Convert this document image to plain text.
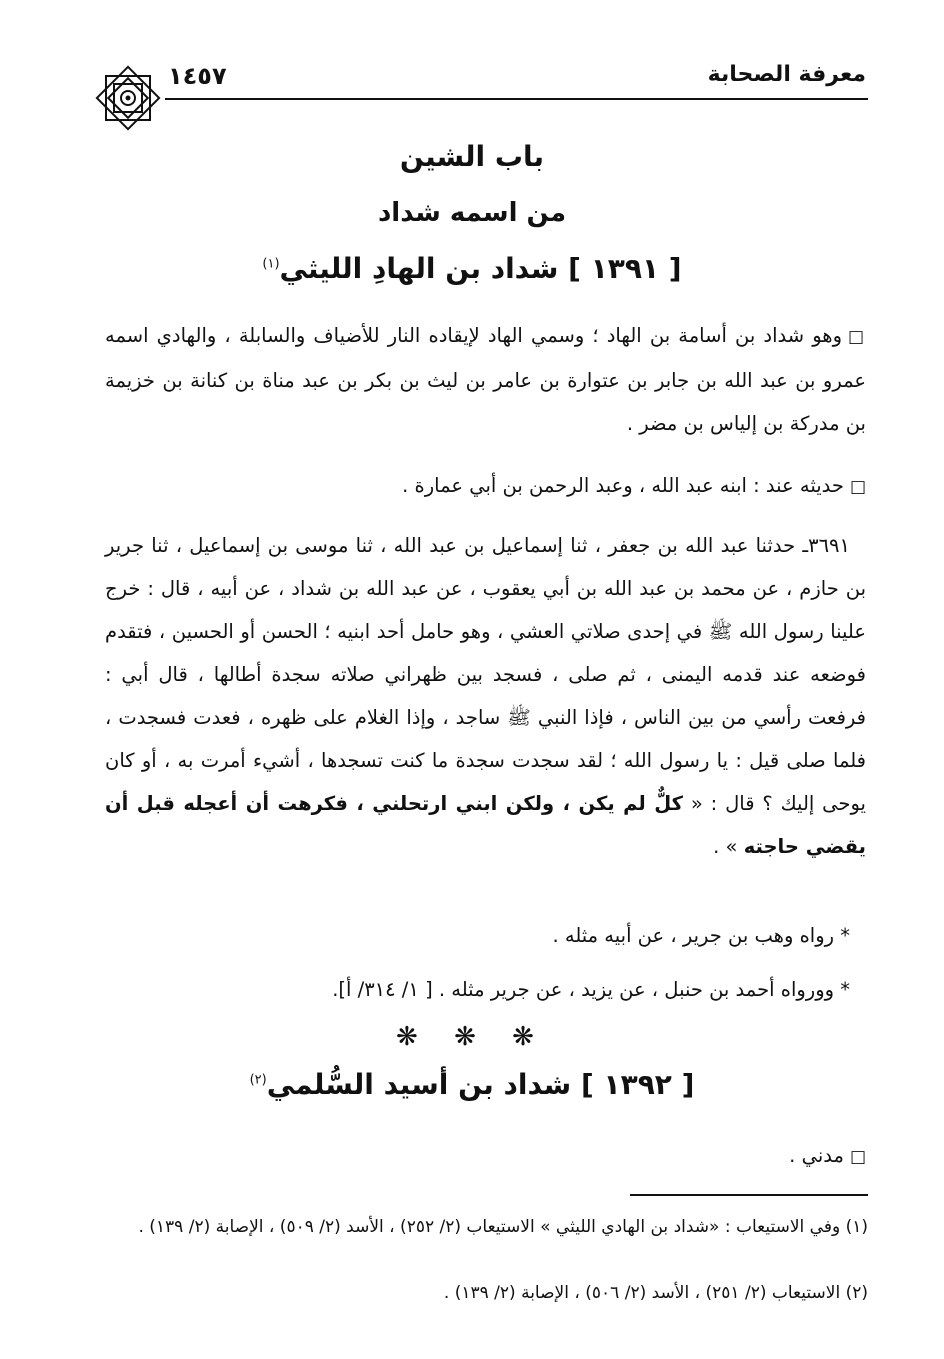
معرفة الصحابة
١٤٥٧
باب الشين
من اسمه شداد
[ ١٣٩١ ] شداد بن الهادِ الليثي$^{(١)}$
□وهو شداد بن أسامة بن الهاد ؛ وسمي الهاد لإيقاده النار للأضياف والسابلة ، والهادي اسمه عمرو بن عبد الله بن جابر بن عتوارة بن عامر بن ليث بن بكر بن عبد مناة بن كنانة بن خزيمة بن مدركة بن إلياس بن مضر .
□حديثه عند : ابنه عبد الله ، وعبد الرحمن بن أبي عمارة .
٣٦٩١ـ حدثنا عبد الله بن جعفر ، ثنا إسماعيل بن عبد الله ، ثنا موسى بن إسماعيل ، ثنا جرير بن حازم ، عن محمد بن عبد الله بن أبي يعقوب ، عن عبد الله بن شداد ، عن أبيه ، قال : خرج علينا رسول الله ﷺ في إحدى صلاتي العشي ، وهو حامل أحد ابنيه ؛ الحسن أو الحسين ، فتقدم فوضعه عند قدمه اليمنى ، ثم صلى ، فسجد بين ظهراني صلاته سجدة أطالها ، قال أبي : فرفعت رأسي من بين الناس ، فإذا النبي ﷺ ساجد ، وإذا الغلام على ظهره ، فعدت فسجدت ، فلما صلى قيل : يا رسول الله ؛ لقد سجدت سجدة ما كنت تسجدها ، أشيء أمرت به ، أو كان يوحى إليك ؟ قال : « كلٌّ لم يكن ، ولكن ابني ارتحلني ، فكرهت أن أعجله قبل أن يقضي حاجته » .
* رواه وهب بن جرير ، عن أبيه مثله .
* وورواه أحمد بن حنبل ، عن يزيد ، عن جرير مثله . [ ١/ ٣١٤/ أ].
❋ ❋ ❋
[ ١٣٩٢ ] شداد بن أسيد السُّلمي$^{(٢)}$
□مدني .
(١) وفي الاستيعاب : «شداد بن الهادي الليثي » الاستيعاب (٢/ ٢٥٢) ، الأسد (٢/ ٥٠٩) ، الإصابة (٢/ ١٣٩) .
(٢) الاستيعاب (٢/ ٢٥١) ، الأسد (٢/ ٥٠٦) ، الإصابة (٢/ ١٣٩) .
